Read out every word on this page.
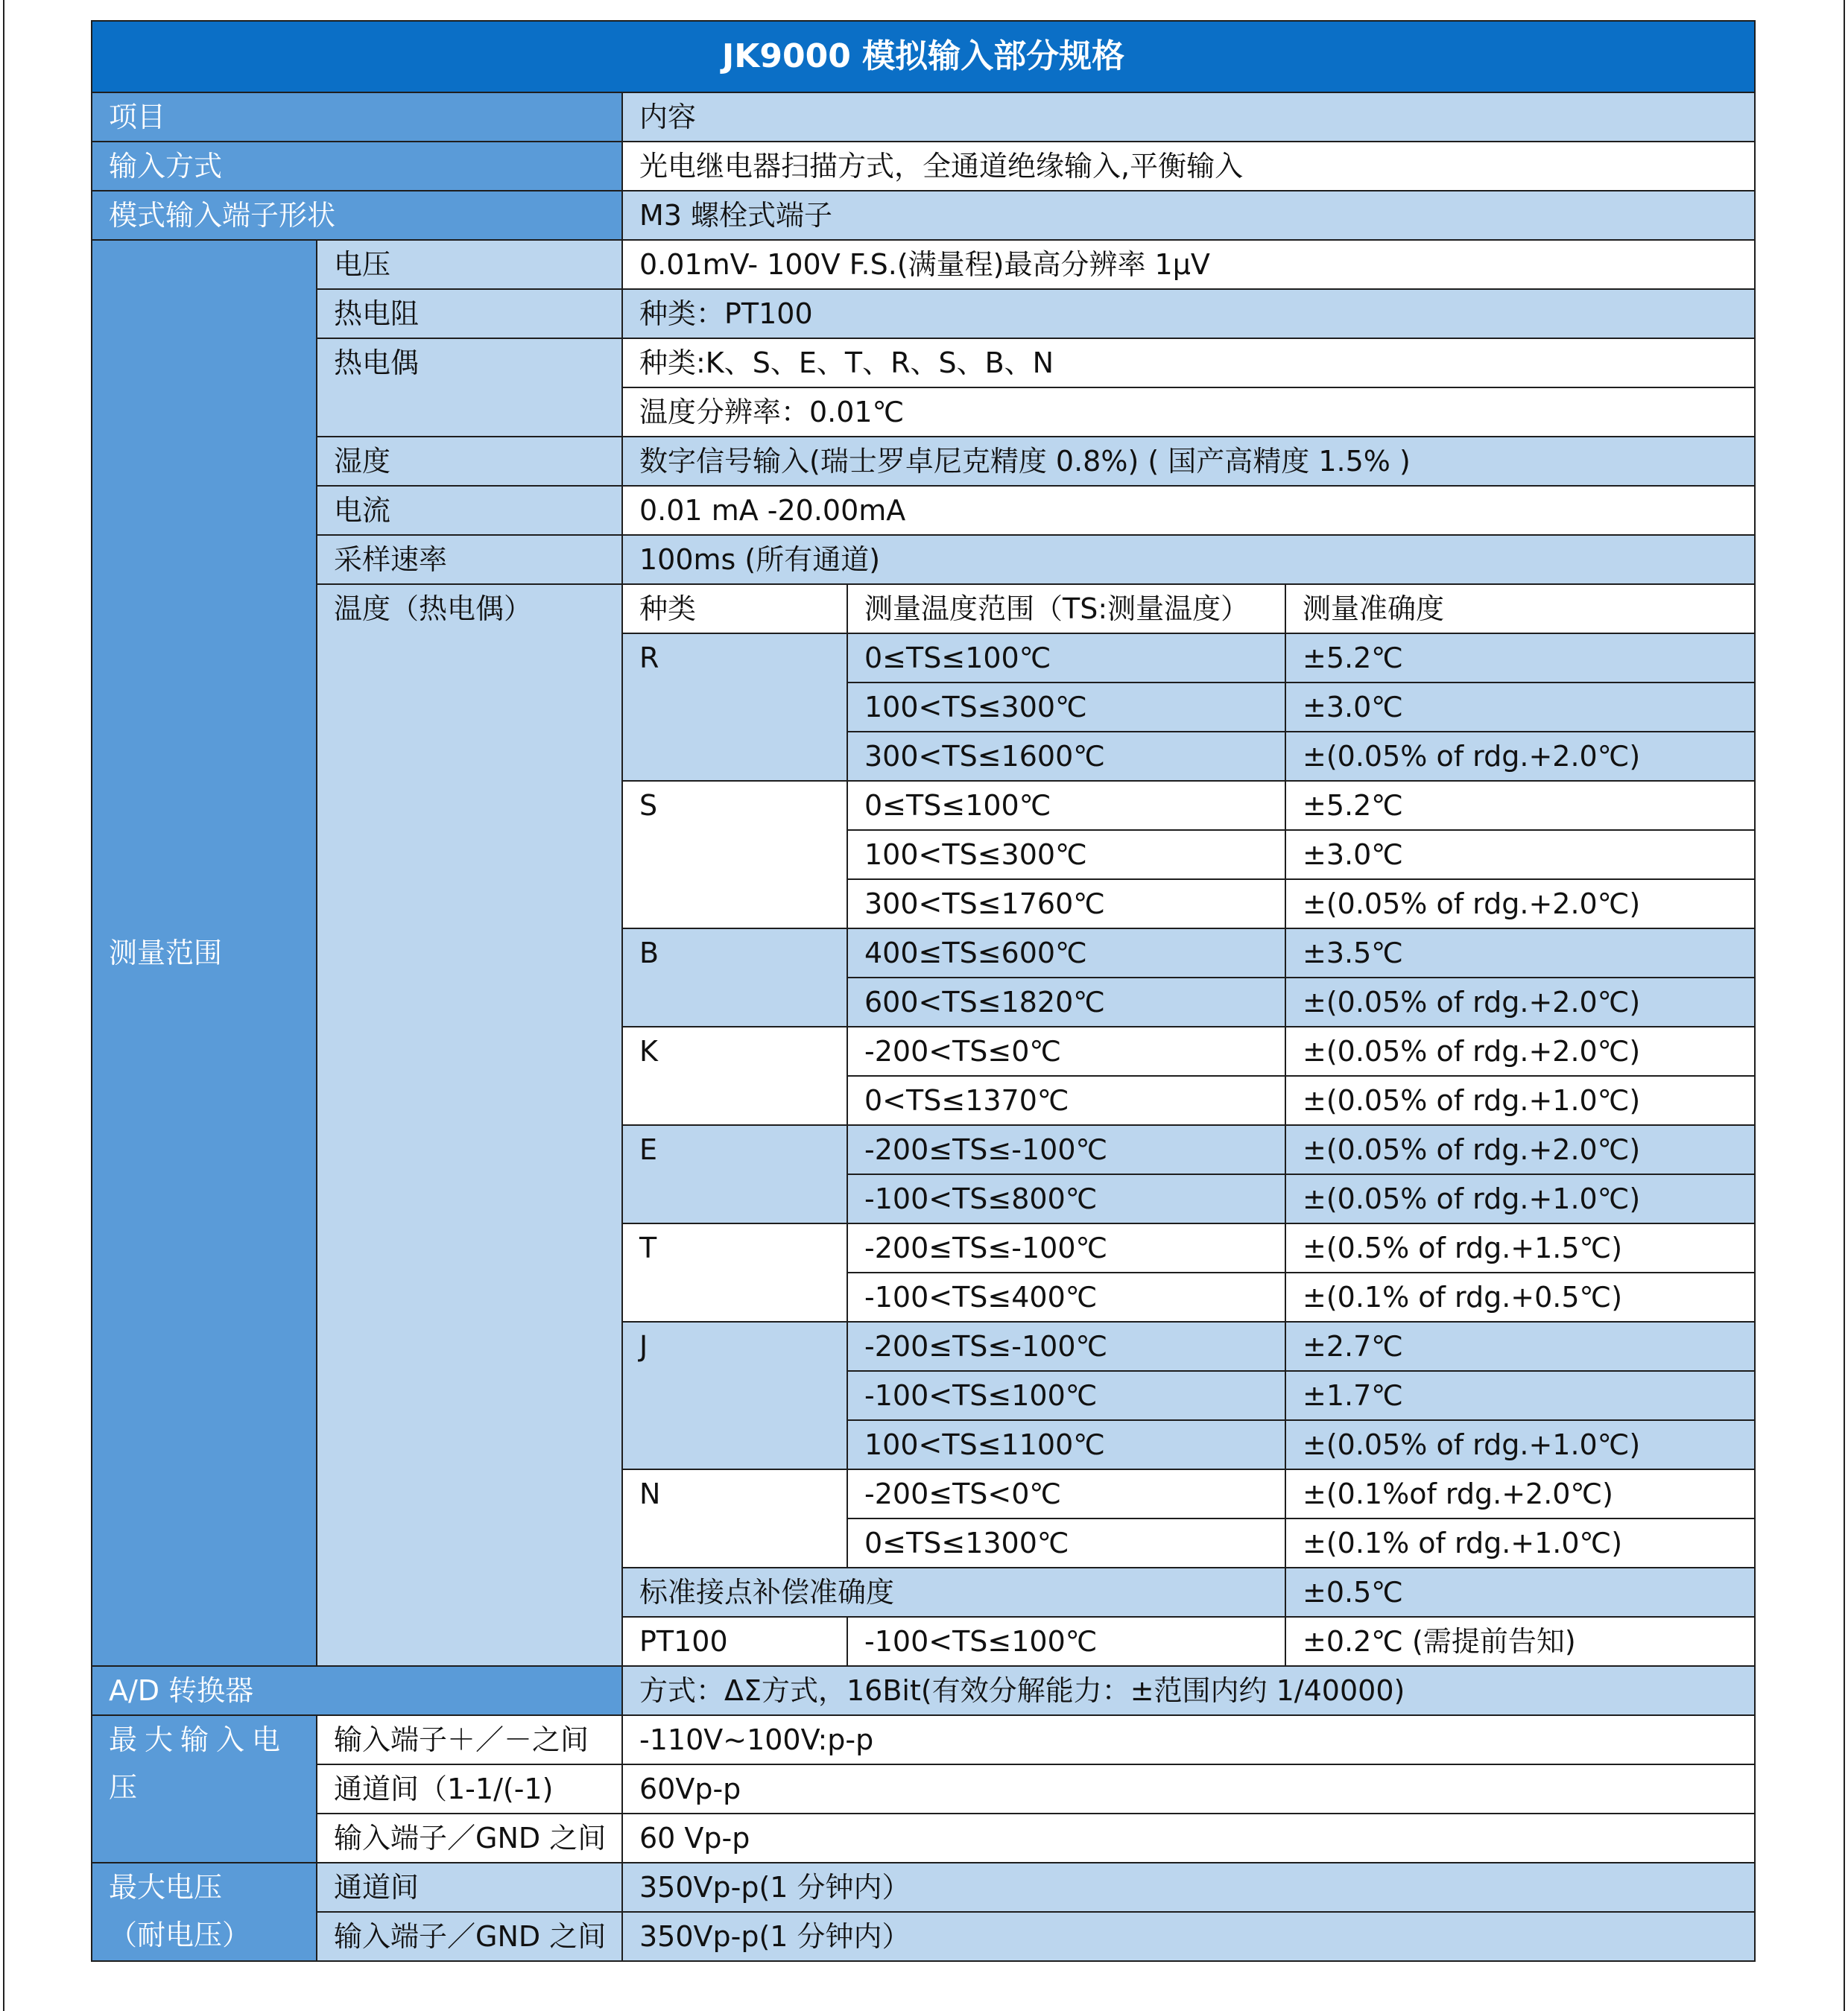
JK9000 模拟输入部分规格				
项目		内容		
输入方式		光电继电器扫描方式，全通道绝缘输入,平衡输入		
模式输入端子形状		M3 螺栓式端子		
测量范围	电压	0.01mV- 100V F.S.(满量程)最高分辨率 1μV		
	热电阻	种类：PT100		
	热电偶	种类:K、S、E、T、R、S、B、N		
		温度分辨率：0.01℃		
	湿度	数字信号输入(瑞士罗卓尼克精度 0.8%) ( 国产高精度 1.5% )		
	电流	0.01 mA -20.00mA		
	采样速率	100ms (所有通道)		
	温度（热电偶）	种类	测量温度范围（TS:测量温度）	测量准确度
		R	0≤TS≤100℃	±5.2℃
			100<TS≤300℃	±3.0℃
			300<TS≤1600℃	±(0.05% of rdg.+2.0℃)
		S	0≤TS≤100℃	±5.2℃
			100<TS≤300℃	±3.0℃
			300<TS≤1760℃	±(0.05% of rdg.+2.0℃)
		B	400≤TS≤600℃	±3.5℃
			600<TS≤1820℃	±(0.05% of rdg.+2.0℃)
		K	-200<TS≤0℃	±(0.05% of rdg.+2.0℃)
			0<TS≤1370℃	±(0.05% of rdg.+1.0℃)
		E	-200≤TS≤-100℃	±(0.05% of rdg.+2.0℃)
			-100<TS≤800℃	±(0.05% of rdg.+1.0℃)
		T	-200≤TS≤-100℃	±(0.5% of rdg.+1.5℃)
			-100<TS≤400℃	±(0.1% of rdg.+0.5℃)
		J	-200≤TS≤-100℃	±2.7℃
			-100<TS≤100℃	±1.7℃
			100<TS≤1100℃	±(0.05% of rdg.+1.0℃)
		N	-200≤TS<0℃	±(0.1%of rdg.+2.0℃)
			0≤TS≤1300℃	±(0.1% of rdg.+1.0℃)
		标准接点补偿准确度		±0.5℃
		PT100	-100<TS≤100℃	±0.2℃ (需提前告知)
A/D 转换器		方式：ΔΣ方式，16Bit(有效分解能力：±范围内约 1/40000)		
最大输入电压	输入端子＋／－之间	-110V~100V:p-p		
	通道间（1-1/(-1)	60Vp-p		
	输入端子／GND 之间	60 Vp-p		

最大电压
（耐电压）	通道间	350Vp-p(1 分钟内）		
	输入端子／GND 之间	350Vp-p(1 分钟内）		
